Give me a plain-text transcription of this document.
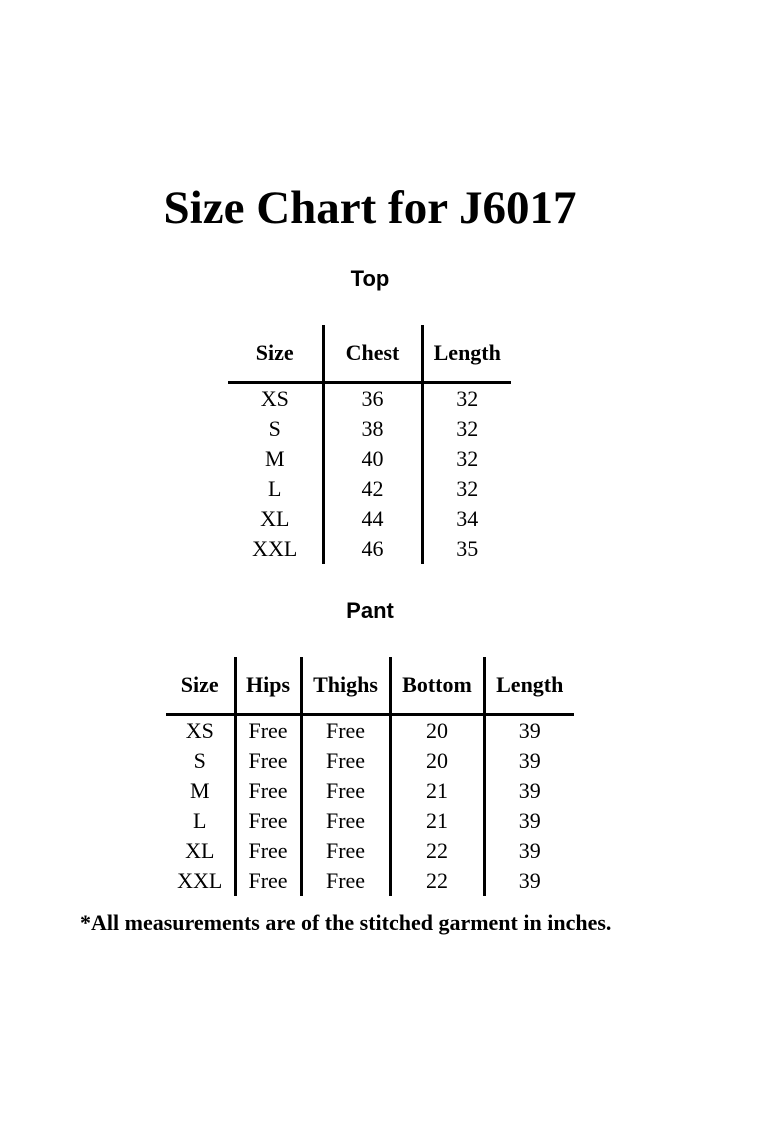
Size Chart for J6017
Top
Size	Chest	Length
XS	36	32
S	38	32
M	40	32
L	42	32
XL	44	34
XXL	46	35
Pant
Size	Hips	Thighs	Bottom	Length
XS	Free	Free	20	39
S	Free	Free	20	39
M	Free	Free	21	39
L	Free	Free	21	39
XL	Free	Free	22	39
XXL	Free	Free	22	39
*All measurements are of the stitched garment in inches.
